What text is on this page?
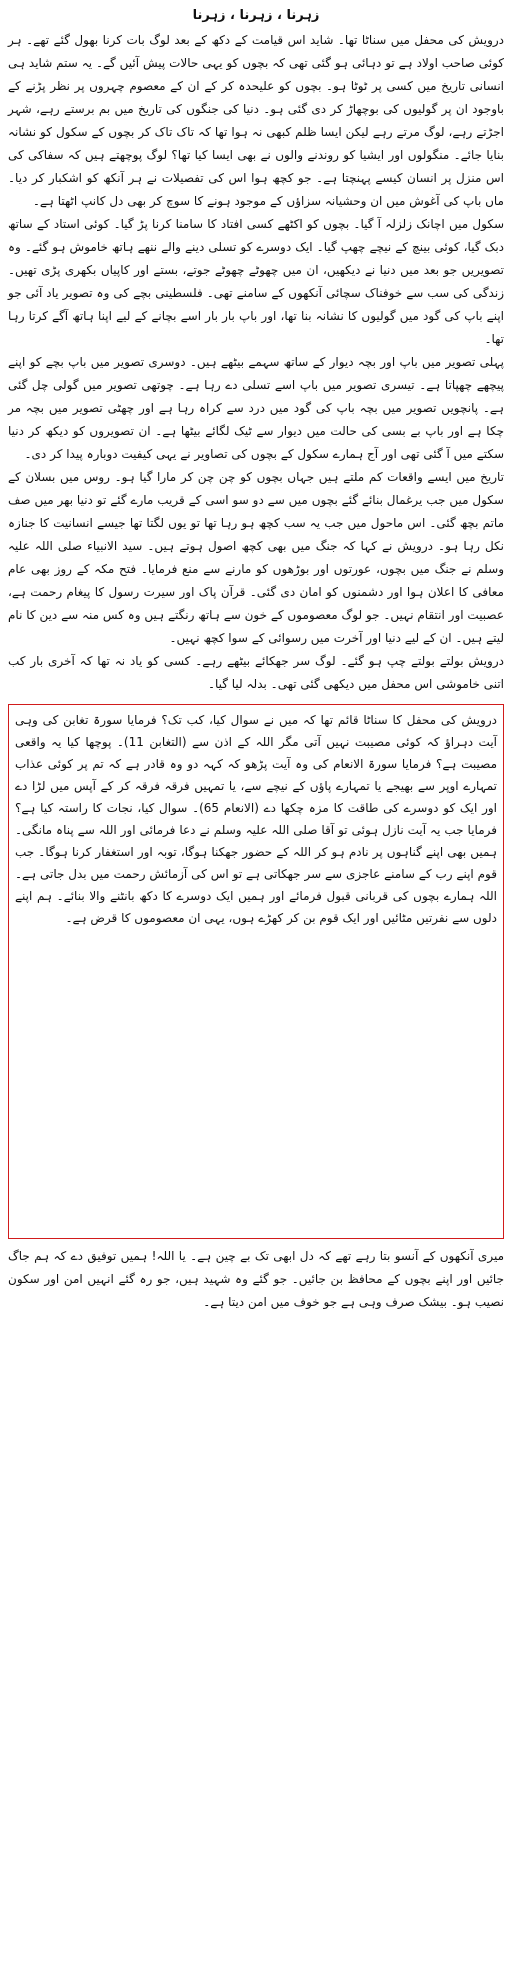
زہرنا ، زہرنا ، زہرنا

درویش کی محفل میں سناٹا تھا۔ شاید اس قیامت کے دکھ کے بعد لوگ بات کرنا بھول گئے تھے۔ ہر کوئی صاحب اولاد ہے تو دہائی ہو گئی تھی کہ بچوں کو یہی حالات پیش آئیں گے۔ یہ ستم شاید ہی انسانی تاریخ میں کسی پر ٹوٹا ہو۔ بچوں کو علیحدہ کر کے ان کے معصوم چہروں پر نظر پڑنے کے باوجود ان پر گولیوں کی بوچھاڑ کر دی گئی ہو۔ دنیا کی جنگوں کی تاریخ میں بم برستے رہے، شہر اجڑتے رہے، لوگ مرتے رہے لیکن ایسا ظلم کبھی نہ ہوا تھا کہ تاک تاک کر بچوں کے سکول کو نشانہ بنایا جائے۔ منگولوں اور ایشیا کو روندنے والوں نے بھی ایسا کیا تھا؟ لوگ پوچھتے ہیں کہ سفاکی کی اس منزل پر انسان کیسے پہنچتا ہے۔ جو کچھ ہوا اس کی تفصیلات نے ہر آنکھ کو اشکبار کر دیا۔ ماں باپ کی آغوش میں ان وحشیانہ سزاؤں کے موجود ہونے کا سوچ کر بھی دل کانپ اٹھتا ہے۔

سکول میں اچانک زلزلہ آ گیا۔ بچوں کو اکٹھے کسی افتاد کا سامنا کرنا پڑ گیا۔ کوئی استاد کے ساتھ دبک گیا، کوئی بینچ کے نیچے چھپ گیا۔ ایک دوسرے کو تسلی دینے والے ننھے ہاتھ خاموش ہو گئے۔ وہ تصویریں جو بعد میں دنیا نے دیکھیں، ان میں چھوٹے چھوٹے جوتے، بستے اور کاپیاں بکھری پڑی تھیں۔ زندگی کی سب سے خوفناک سچائی آنکھوں کے سامنے تھی۔ فلسطینی بچے کی وہ تصویر یاد آئی جو اپنے باپ کی گود میں گولیوں کا نشانہ بنا تھا، اور باپ بار بار اسے بچانے کے لیے اپنا ہاتھ آگے کرتا رہا تھا۔

پہلی تصویر میں باپ اور بچہ دیوار کے ساتھ سہمے بیٹھے ہیں۔ دوسری تصویر میں باپ بچے کو اپنے پیچھے چھپاتا ہے۔ تیسری تصویر میں باپ اسے تسلی دے رہا ہے۔ چوتھی تصویر میں گولی چل گئی ہے۔ پانچویں تصویر میں بچہ باپ کی گود میں درد سے کراہ رہا ہے اور چھٹی تصویر میں بچہ مر چکا ہے اور باپ بے بسی کی حالت میں دیوار سے ٹیک لگائے بیٹھا ہے۔ ان تصویروں کو دیکھ کر دنیا سکتے میں آ گئی تھی اور آج ہمارے سکول کے بچوں کی تصاویر نے یہی کیفیت دوبارہ پیدا کر دی۔

تاریخ میں ایسے واقعات کم ملتے ہیں جہاں بچوں کو چن چن کر مارا گیا ہو۔ روس میں بسلان کے سکول میں جب یرغمال بنائے گئے بچوں میں سے دو سو اسی کے قریب مارے گئے تو دنیا بھر میں صف ماتم بچھ گئی۔ اس ماحول میں جب یہ سب کچھ ہو رہا تھا تو یوں لگتا تھا جیسے انسانیت کا جنازہ نکل رہا ہو۔ درویش نے کہا کہ جنگ میں بھی کچھ اصول ہوتے ہیں۔ سید الانبیاء صلی اللہ علیہ وسلم نے جنگ میں بچوں، عورتوں اور بوڑھوں کو مارنے سے منع فرمایا۔ فتح مکہ کے روز بھی عام معافی کا اعلان ہوا اور دشمنوں کو امان دی گئی۔ قرآن پاک اور سیرت رسول کا پیغام رحمت ہے، عصبیت اور انتقام نہیں۔ جو لوگ معصوموں کے خون سے ہاتھ رنگتے ہیں وہ کس منہ سے دین کا نام لیتے ہیں۔ ان کے لیے دنیا اور آخرت میں رسوائی کے سوا کچھ نہیں۔

درویش بولتے بولتے چپ ہو گئے۔ لوگ سر جھکائے بیٹھے رہے۔ کسی کو یاد نہ تھا کہ آخری بار کب اتنی خاموشی اس محفل میں دیکھی گئی تھی۔ بدلہ لیا گیا۔

درویش کی محفل کا سناٹا قائم تھا کہ میں نے سوال کیا، کب تک؟ فرمایا سورۃ تغابن کی وہی آیت دہراؤ کہ کوئی مصیبت نہیں آتی مگر اللہ کے اذن سے (التغابن 11)۔ پوچھا کیا یہ واقعی مصیبت ہے؟ فرمایا سورۃ الانعام کی وہ آیت پڑھو کہ کہہ دو وہ قادر ہے کہ تم پر کوئی عذاب تمہارے اوپر سے بھیجے یا تمہارے پاؤں کے نیچے سے، یا تمہیں فرقہ فرقہ کر کے آپس میں لڑا دے اور ایک کو دوسرے کی طاقت کا مزہ چکھا دے (الانعام 65)۔ سوال کیا، نجات کا راستہ کیا ہے؟ فرمایا جب یہ آیت نازل ہوئی تو آقا صلی اللہ علیہ وسلم نے دعا فرمائی اور اللہ سے پناہ مانگی۔ ہمیں بھی اپنے گناہوں پر نادم ہو کر اللہ کے حضور جھکنا ہوگا، توبہ اور استغفار کرنا ہوگا۔ جب قوم اپنے رب کے سامنے عاجزی سے سر جھکاتی ہے تو اس کی آزمائش رحمت میں بدل جاتی ہے۔ اللہ ہمارے بچوں کی قربانی قبول فرمائے اور ہمیں ایک دوسرے کا دکھ بانٹنے والا بنائے۔ ہم اپنے دلوں سے نفرتیں مٹائیں اور ایک قوم بن کر کھڑے ہوں، یہی ان معصوموں کا قرض ہے۔

میری آنکھوں کے آنسو بتا رہے تھے کہ دل ابھی تک بے چین ہے۔ یا اللہ! ہمیں توفیق دے کہ ہم جاگ جائیں اور اپنے بچوں کے محافظ بن جائیں۔ جو گئے وہ شہید ہیں، جو رہ گئے انہیں امن اور سکون نصیب ہو۔ بیشک صرف وہی ہے جو خوف میں امن دیتا ہے۔
